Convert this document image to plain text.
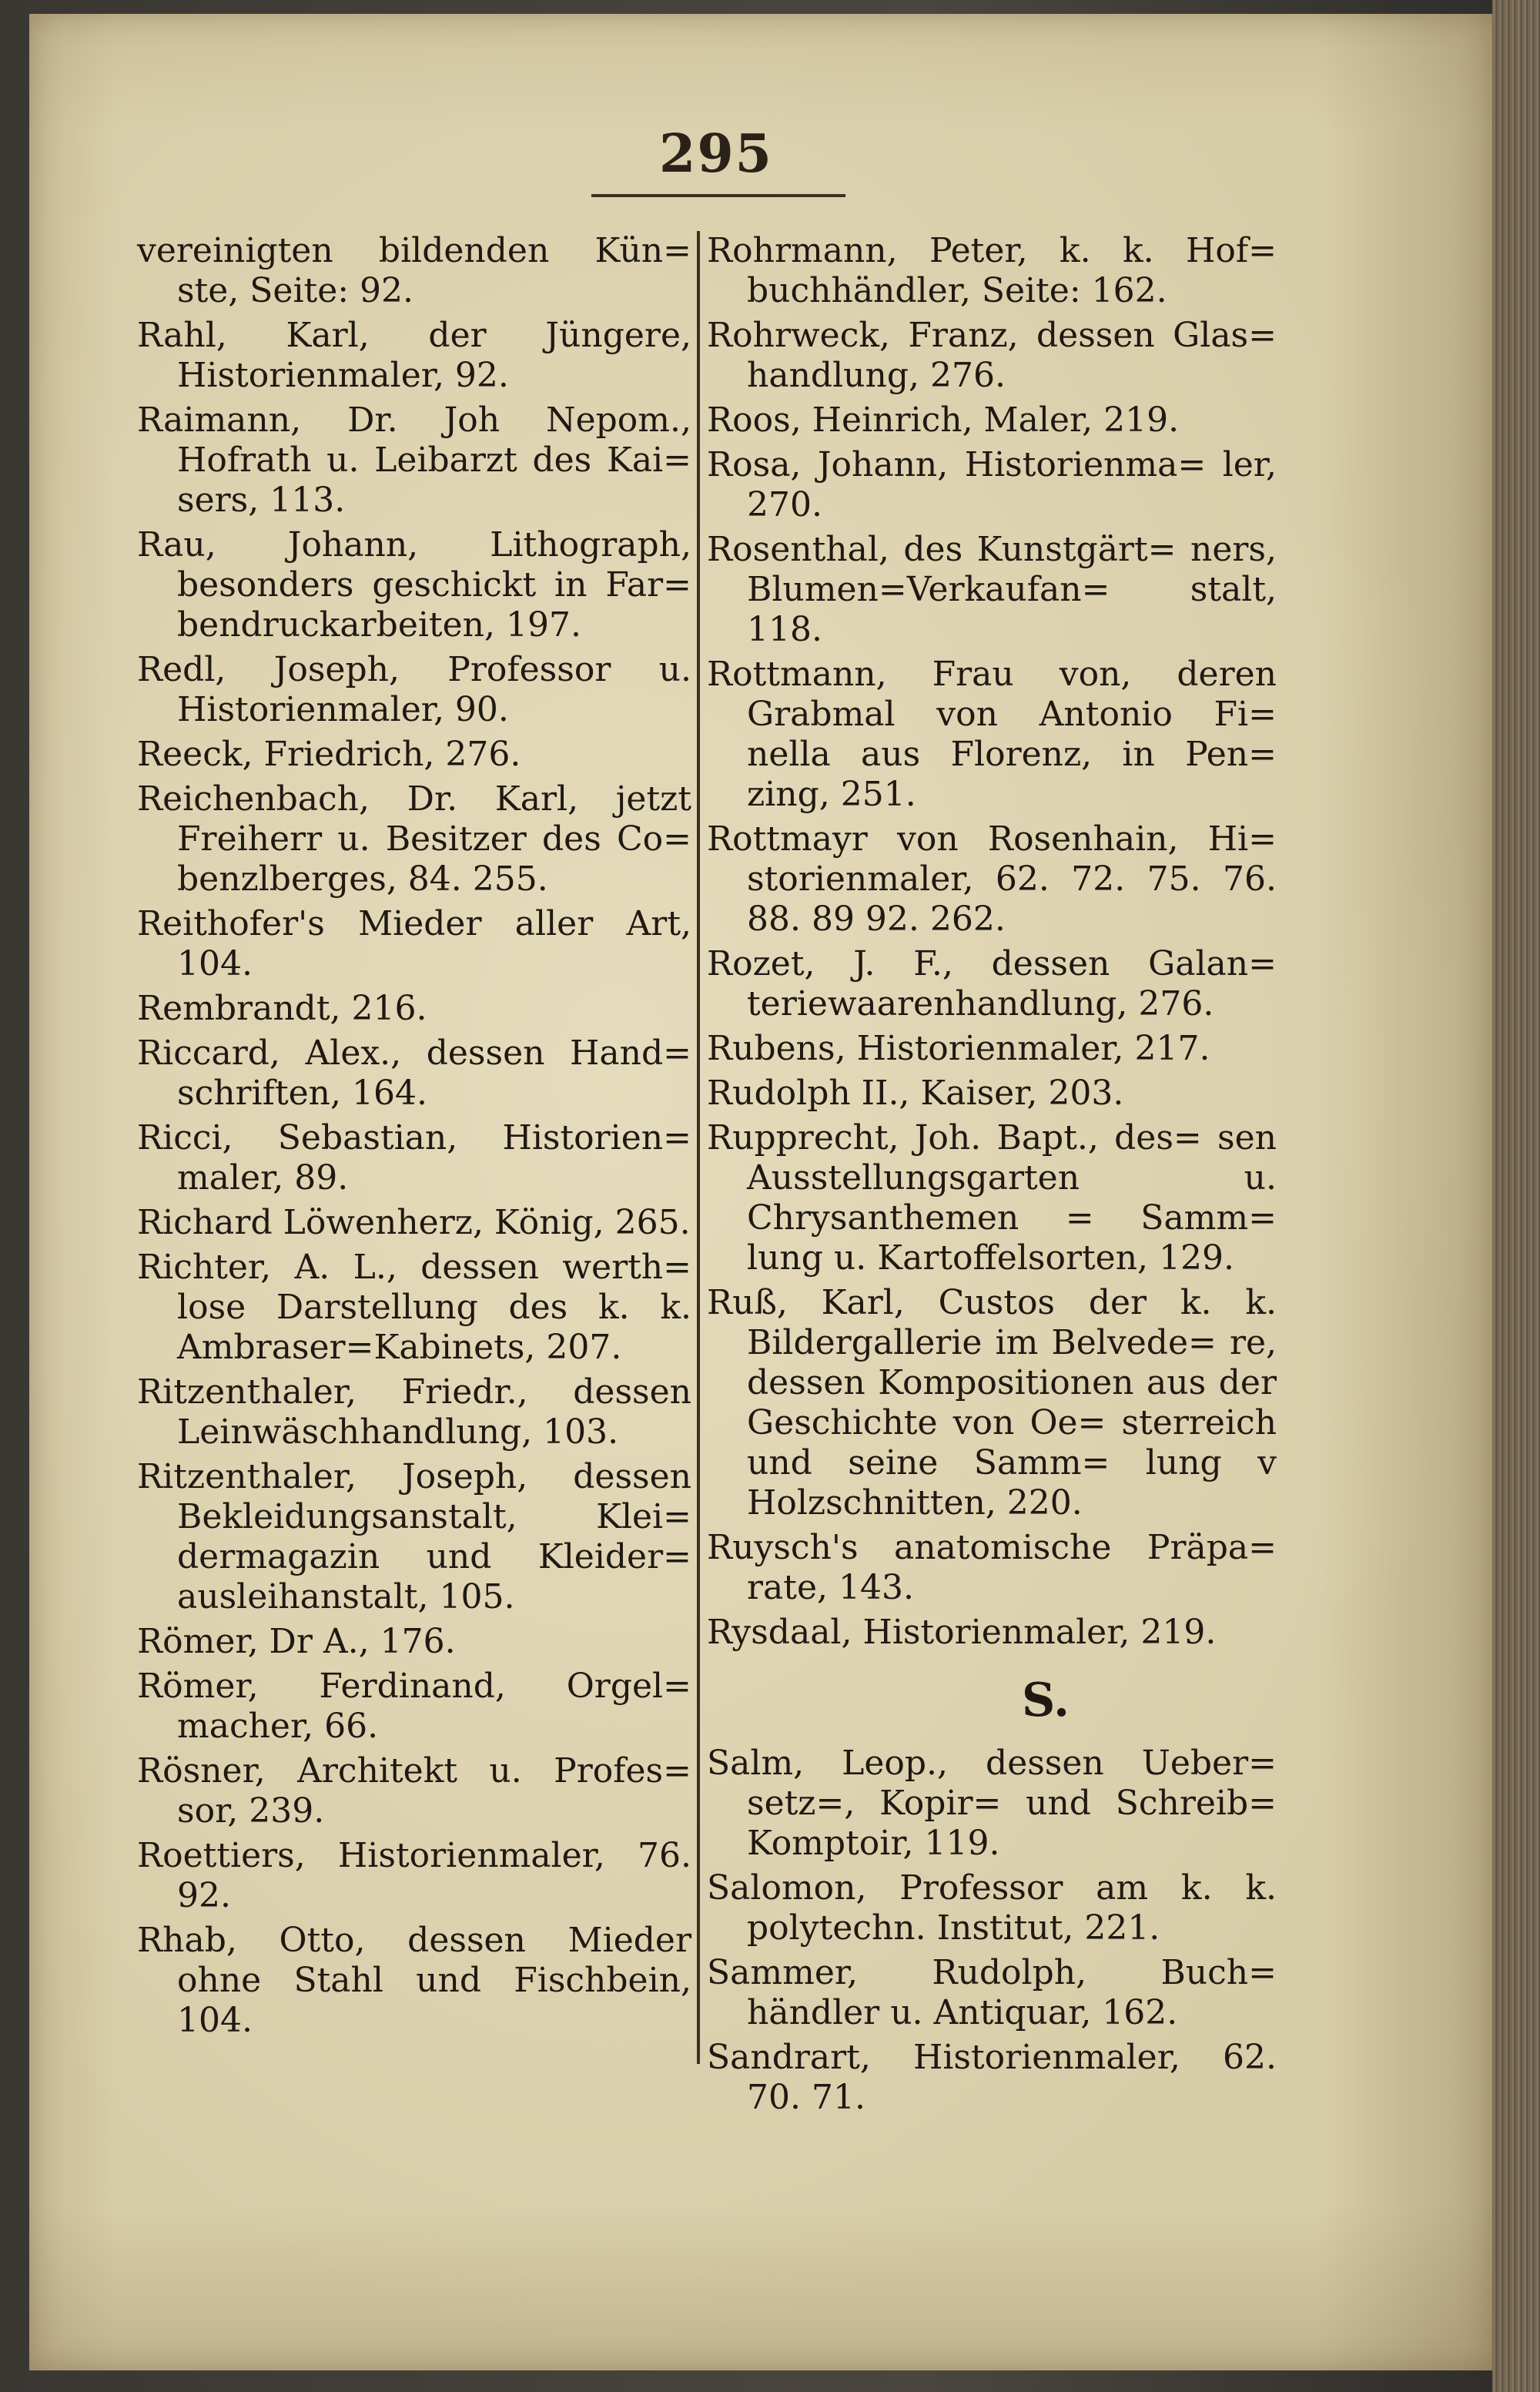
295

vereinigten bildenden Kün= ste, Seite: 92.

Rahl, Karl, der Jüngere, Historienmaler, 92.

Raimann, Dr. Joh Nepom., Hofrath u. Leibarzt des Kai= sers, 113.

Rau, Johann, Lithograph, besonders geschickt in Far= bendruckarbeiten, 197.

Redl, Joseph, Professor u. Historienmaler, 90.

Reeck, Friedrich, 276.

Reichenbach, Dr. Karl, jetzt Freiherr u. Besitzer des Co= benzlberges, 84. 255.

Reithofer's Mieder aller Art, 104.

Rembrandt, 216.

Riccard, Alex., dessen Hand= schriften, 164.

Ricci, Sebastian, Historien= maler, 89.

Richard Löwenherz, König, 265.

Richter, A. L., dessen werth= lose Darstellung des k. k. Ambraser=Kabinets, 207.

Ritzenthaler, Friedr., dessen Leinwäschhandlung, 103.

Ritzenthaler, Joseph, dessen Bekleidungsanstalt, Klei= dermagazin und Kleider= ausleihanstalt, 105.

Römer, Dr A., 176.

Römer, Ferdinand, Orgel= macher, 66.

Rösner, Architekt u. Profes= sor, 239.

Roettiers, Historienmaler, 76. 92.

Rhab, Otto, dessen Mieder ohne Stahl und Fischbein, 104.

Rohrmann, Peter, k. k. Hof= buchhändler, Seite: 162.

Rohrweck, Franz, dessen Glas= handlung, 276.

Roos, Heinrich, Maler, 219.

Rosa, Johann, Historienma= ler, 270.

Rosenthal, des Kunstgärt= ners, Blumen=Verkaufan= stalt, 118.

Rottmann, Frau von, deren Grabmal von Antonio Fi= nella aus Florenz, in Pen= zing, 251.

Rottmayr von Rosenhain, Hi= storienmaler, 62. 72. 75. 76. 88. 89 92. 262.

Rozet, J. F., dessen Galan= teriewaarenhandlung, 276.

Rubens, Historienmaler, 217.

Rudolph II., Kaiser, 203.

Rupprecht, Joh. Bapt., des= sen Ausstellungsgarten u. Chrysanthemen = Samm= lung u. Kartoffelsorten, 129.

Ruß, Karl, Custos der k. k. Bildergallerie im Belvede= re, dessen Kompositionen aus der Geschichte von Oe= sterreich und seine Samm= lung v Holzschnitten, 220.

Ruysch's anatomische Präpa= rate, 143.

Rysdaal, Historienmaler, 219.

S.

Salm, Leop., dessen Ueber= setz=, Kopir= und Schreib= Komptoir, 119.

Salomon, Professor am k. k. polytechn. Institut, 221.

Sammer, Rudolph, Buch= händler u. Antiquar, 162.

Sandrart, Historienmaler, 62. 70. 71.
